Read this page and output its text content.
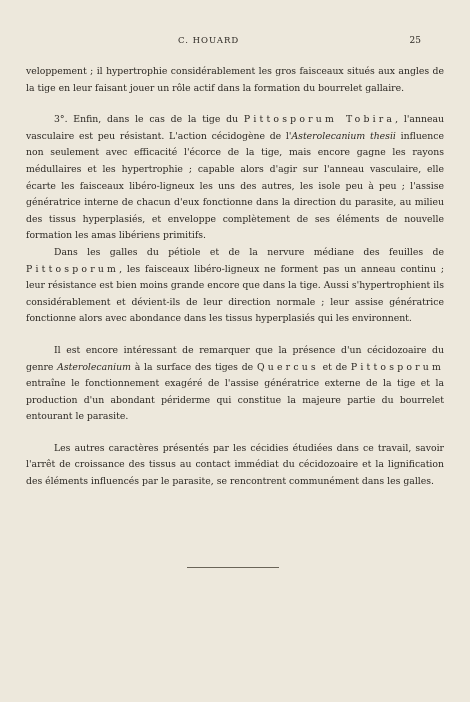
C. HOUARD	25

veloppement ; il hypertrophie considérablement les gros faisceaux situés aux angles de la tige en leur faisant jouer un rôle actif dans la formation du bourrelet gallaire.

3°. Enfin, dans le cas de la tige du Pittosporum Tobira, l'anneau vasculaire est peu résistant. L'action cécidogène de l'Asterolecanium thesii influence non seulement avec efficacité l'écorce de la tige, mais encore gagne les rayons médullaires et les hypertrophie ; capable alors d'agir sur l'anneau vasculaire, elle écarte les faisceaux libéro-ligneux les uns des autres, les isole peu à peu ; l'assise génératrice interne de chacun d'eux fonctionne dans la direction du parasite, au milieu des tissus hyperplasiés, et enveloppe complètement de ses éléments de nouvelle formation les amas libériens primitifs.

Dans les galles du pétiole et de la nervure médiane des feuilles de Pittosporum, les faisceaux libéro-ligneux ne forment pas un anneau continu ; leur résistance est bien moins grande encore que dans la tige. Aussi s'hypertrophient ils considérablement et dévient-ils de leur direction normale ; leur assise génératrice fonctionne alors avec abondance dans les tissus hyperplasiés qui les environnent.

Il est encore intéressant de remarquer que la présence d'un cécidozoaire du genre Asterolecanium à la surface des tiges de Quercus et de Pittosporum entraîne le fonctionnement exagéré de l'assise génératrice externe de la tige et la production d'un abondant périderme qui constitue la majeure partie du bourrelet entourant le parasite.

Les autres caractères présentés par les cécidies étudiées dans ce travail, savoir l'arrêt de croissance des tissus au contact immédiat du cécidozoaire et la lignification des éléments influencés par le parasite, se rencontrent communément dans les galles.
